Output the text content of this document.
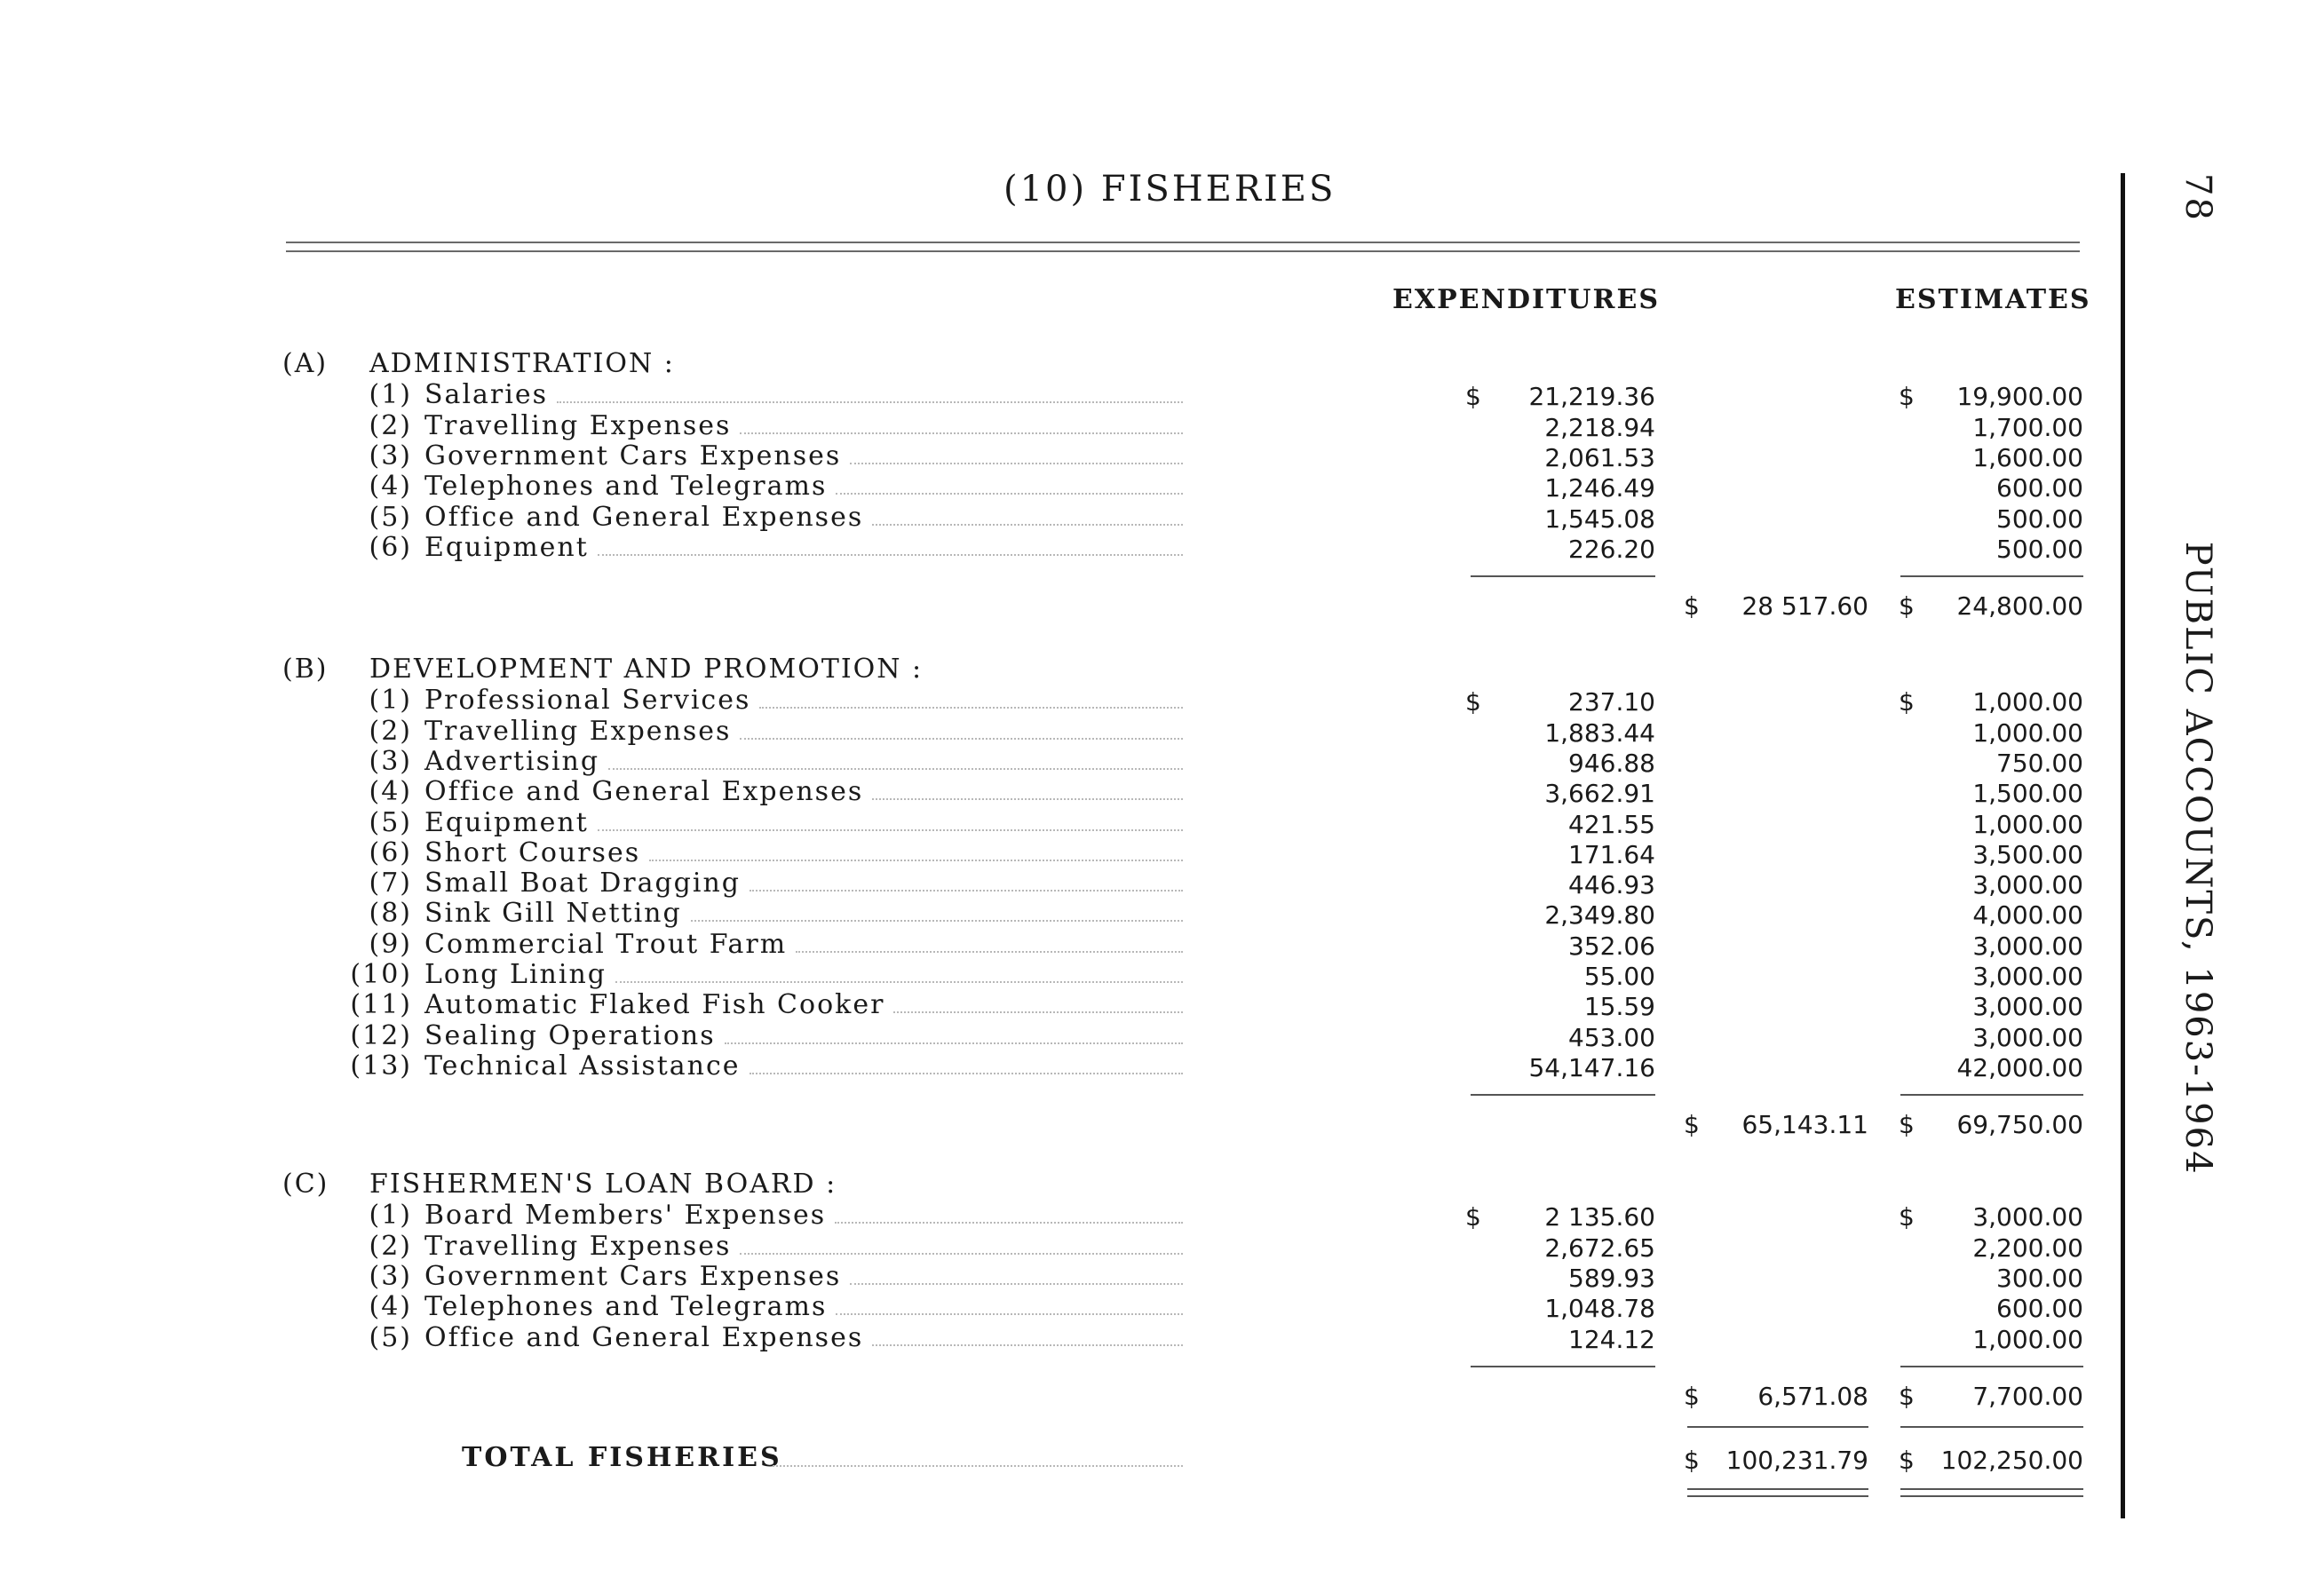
(10) FISHERIES	78 PUBLIC ACCOUNTS, 1963-1964
EXPENDITURES	ESTIMATES
(A) ADMINISTRATION :
(1) Salaries	21,219.36	19,900.00
$	$
(2) Travelling Expenses	2,218.94	1,700.00
(3) Government Cars Expenses	2,061.53	1,600.00
(4) Telephones and Telegrams	1,246.49	600.00
(5) Office and General Expenses	1,545.08	500.00
(6) Equipment	226.20	500.00
$ 28 517.60 $ 24,800.00
(B) DEVELOPMENT AND PROMOTION :
(1) Professional Services	237.10	1,000.00
$	$
(2) Travelling Expenses	1,883.44	1,000.00
(3) Advertising	946.88	750.00
(4) Office and General Expenses	3,662.91	1,500.00
(5) Equipment	421.55	1,000.00
(6) Short Courses	171.64	3,500.00
(7) Small Boat Dragging	446.93	3,000.00
(8) Sink Gill Netting	2,349.80	4,000.00
(9) Commercial Trout Farm	352.06	3,000.00
(10) Long Lining	55.00	3,000.00
(11) Automatic Flaked Fish Cooker	15.59	3,000.00
(12) Sealing Operations	453.00	3,000.00
(13) Technical Assistance	54,147.16	42,000.00
$ 65,143.11 $ 69,750.00
(C) FISHERMEN'S LOAN BOARD :
(1) Board Members' Expenses	2 135.60	3,000.00
$	$
(2) Travelling Expenses	2,672.65	2,200.00
(3) Government Cars Expenses	589.93	300.00
(4) Telephones and Telegrams	1,048.78	600.00
(5) Office and General Expenses	124.12	1,000.00
$ 6,571.08 $ 7,700.00
TOTAL FISHERIES	$ 100,231.79 $ 102,250.00
